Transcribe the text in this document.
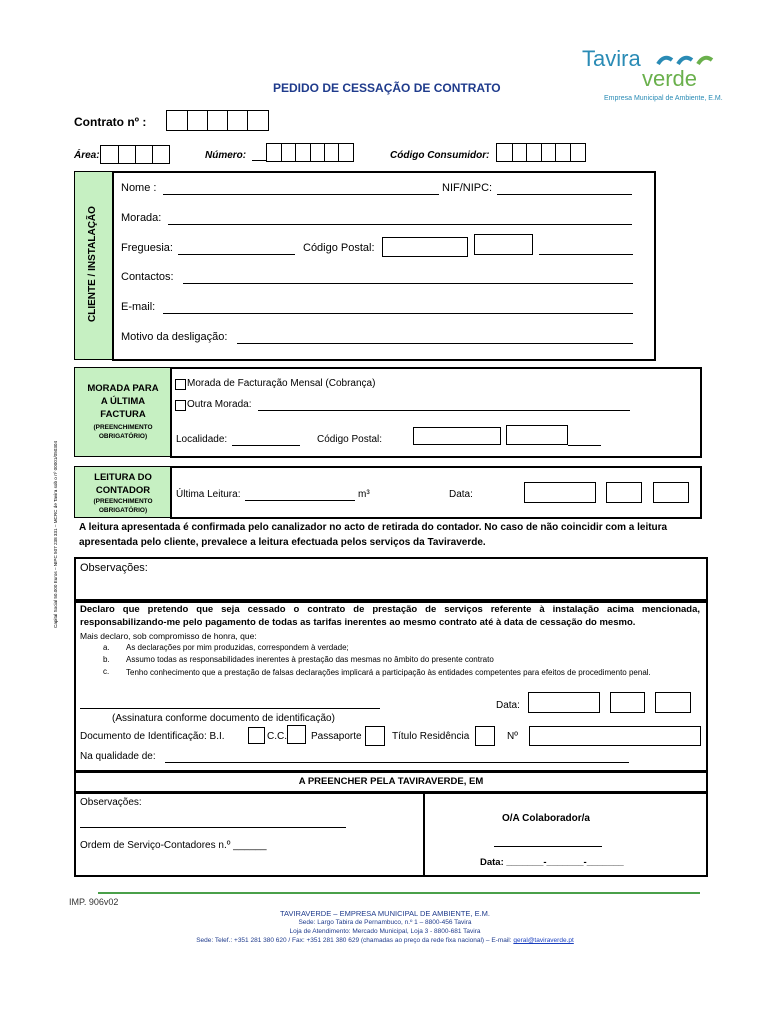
Tavira
verde
Empresa Municipal de Ambiente, E.M.
PEDIDO DE CESSAÇÃO DE CONTRATO
Contrato nº :
Área:	Número:	Código Consumidor:
Capital Social 50.000 Euros – NIPC 507 238 331 – MCRC de Tavira sob o nº 00001/050304
CLIENTE / INSTALAÇÃO
Nome :	NIF/NIPC:
Morada:
Freguesia:	Código Postal:
Contactos:
E-mail:
Motivo da desligação:
MORADA PARA A ÚLTIMA FACTURA
(PREENCHIMENTO OBRIGATÓRIO)
Morada de Facturação Mensal (Cobrança)
Outra Morada:
Localidade:	Código Postal:
LEITURA DO CONTADOR
(PREENCHIMENTO OBRIGATÓRIO)
Última Leitura:	m³	Data:
A leitura apresentada é confirmada pelo canalizador no acto de retirada do contador. No caso de não coincidir com a leitura apresentada pelo cliente, prevalece a leitura efectuada pelos serviços da Taviraverde.
Observações:
Declaro que pretendo que seja cessado o contrato de prestação de serviços referente à instalação acima mencionada, responsabilizando-me pelo pagamento de todas as tarifas inerentes ao mesmo contrato até à data de cessação do mesmo.
Mais declaro, sob compromisso de honra, que:
a. As declarações por mim produzidas, correspondem à verdade;
b. Assumo todas as responsabilidades inerentes à prestação das mesmas no âmbito do presente contrato
c. Tenho conhecimento que a prestação de falsas declarações implicará a participação às entidades competentes para efeitos de procedimento penal.
Data:
(Assinatura conforme documento de identificação)
Documento de Identificação: B.I.	C.C. Passaporte	Título Residência	Nº
Na qualidade de:
A PREENCHER PELA TAVIRAVERDE, EM
Observações:
Ordem de Serviço-Contadores n.º ______
O/A Colaborador/a
Data: _______-_______-_______
IMP. 906v02
TAVIRAVERDE – EMPRESA MUNICIPAL DE AMBIENTE, E.M.
Sede: Largo Tabira de Pernambuco, n.º 1 – 8800-456 Tavira
Loja de Atendimento: Mercado Municipal, Loja 3 - 8800-681 Tavira
Sede: Telef.: +351 281 380 620 / Fax: +351 281 380 629 (chamadas ao preço da rede fixa nacional) – E-mail: geral@taviraverde.pt
